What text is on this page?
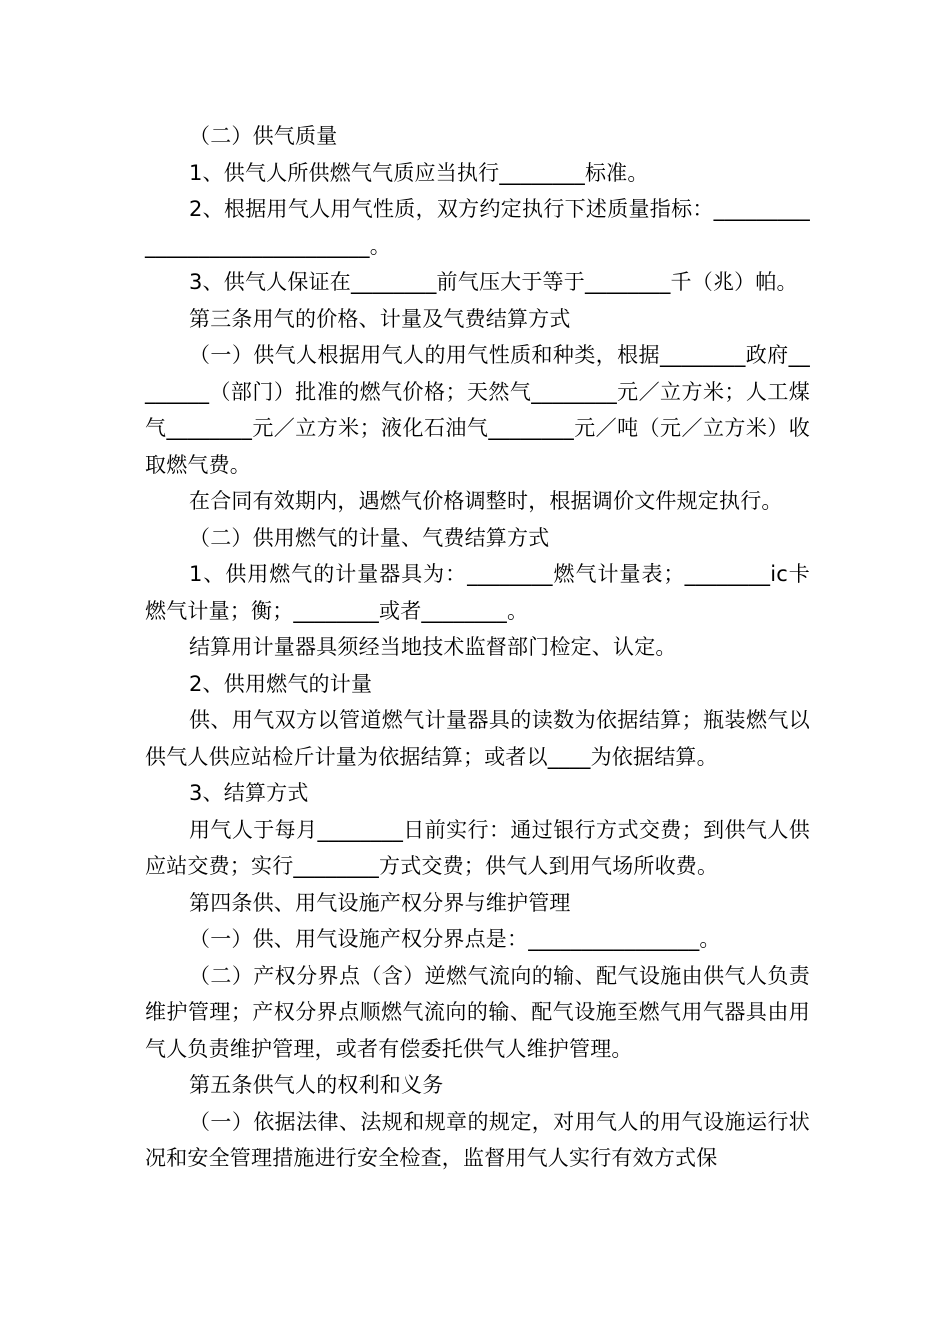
（二）供气质量

1、供气人所供燃气气质应当执行________标准。

2、根据用气人用气性质，双方约定执行下述质量指标：______________________________。

3、供气人保证在________前气压大于等于________千（兆）帕。

第三条用气的价格、计量及气费结算方式

（一）供气人根据用气人的用气性质和种类，根据________政府________（部门）批准的燃气价格；天然气________元／立方米；人工煤气________元／立方米；液化石油气________元／吨（元／立方米）收取燃气费。

在合同有效期内，遇燃气价格调整时，根据调价文件规定执行。

（二）供用燃气的计量、气费结算方式

1、供用燃气的计量器具为：________燃气计量表；________ic卡燃气计量；衡；________或者________。

结算用计量器具须经当地技术监督部门检定、认定。

2、供用燃气的计量

供、用气双方以管道燃气计量器具的读数为依据结算；瓶装燃气以供气人供应站检斤计量为依据结算；或者以____为依据结算。

3、结算方式

用气人于每月________日前实行：通过银行方式交费；到供气人供应站交费；实行________方式交费；供气人到用气场所收费。

第四条供、用气设施产权分界与维护管理

（一）供、用气设施产权分界点是：________________。

（二）产权分界点（含）逆燃气流向的输、配气设施由供气人负责维护管理；产权分界点顺燃气流向的输、配气设施至燃气用气器具由用气人负责维护管理，或者有偿委托供气人维护管理。

第五条供气人的权利和义务

（一）依据法律、法规和规章的规定，对用气人的用气设施运行状况和安全管理措施进行安全检查，监督用气人实行有效方式保
